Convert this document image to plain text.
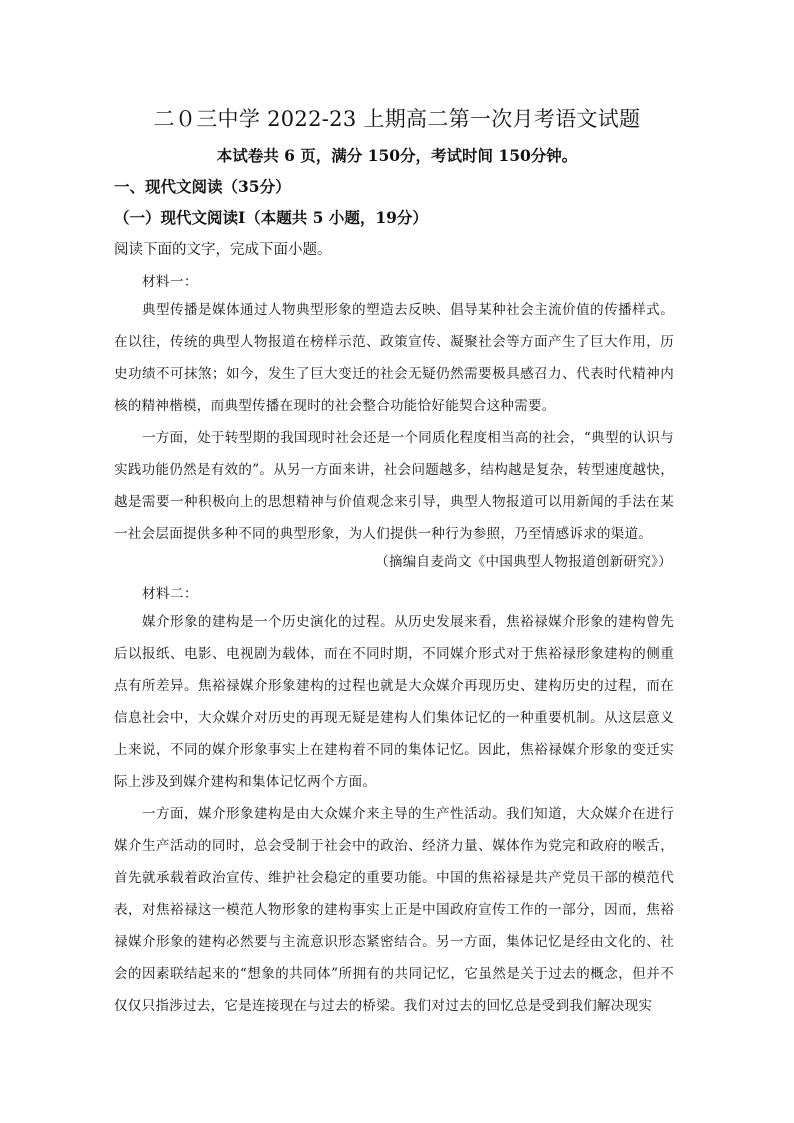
二０三中学 2022-23 上期高二第一次月考语文试题
本试卷共 6 页，满分 150分，考试时间 150分钟。
一、现代文阅读（35分）
（一）现代文阅读Ⅰ（本题共 5 小题，19分）
阅读下面的文字，完成下面小题。
材料一：

典型传播是媒体通过人物典型形象的塑造去反映、倡导某种社会主流价值的传播样式。在以往，传统的典型人物报道在榜样示范、政策宣传、凝聚社会等方面产生了巨大作用，历史功绩不可抹煞；如今，发生了巨大变迁的社会无疑仍然需要极具感召力、代表时代精神内核的精神楷模，而典型传播在现时的社会整合功能恰好能契合这种需要。

一方面，处于转型期的我国现时社会还是一个同质化程度相当高的社会，“典型的认识与实践功能仍然是有效的”。从另一方面来讲，社会问题越多，结构越是复杂，转型速度越快，越是需要一种积极向上的思想精神与价值观念来引导，典型人物报道可以用新闻的手法在某一社会层面提供多种不同的典型形象，为人们提供一种行为参照，乃至情感诉求的渠道。

（摘编自麦尚文《中国典型人物报道创新研究》）
材料二：

媒介形象的建构是一个历史演化的过程。从历史发展来看，焦裕禄媒介形象的建构曾先后以报纸、电影、电视剧为载体，而在不同时期，不同媒介形式对于焦裕禄形象建构的侧重点有所差异。焦裕禄媒介形象建构的过程也就是大众媒介再现历史、建构历史的过程，而在信息社会中，大众媒介对历史的再现无疑是建构人们集体记忆的一种重要机制。从这层意义上来说，不同的媒介形象事实上在建构着不同的集体记忆。因此，焦裕禄媒介形象的变迁实际上涉及到媒介建构和集体记忆两个方面。

一方面，媒介形象建构是由大众媒介来主导的生产性活动。我们知道，大众媒介在进行媒介生产活动的同时，总会受制于社会中的政治、经济力量、媒体作为党完和政府的喉舌，首先就承载着政治宣传、维护社会稳定的重要功能。中国的焦裕禄是共产党员干部的模范代表，对焦裕禄这一模范人物形象的建构事实上正是中国政府宣传工作的一部分，因而，焦裕禄媒介形象的建构必然要与主流意识形态紧密结合。另一方面，集体记忆是经由文化的、社会的因素联结起来的“想象的共同体”所拥有的共同记忆，它虽然是关于过去的概念，但并不仅仅只指涉过去，它是连接现在与过去的桥梁。我们对过去的回忆总是受到我们解决现实
